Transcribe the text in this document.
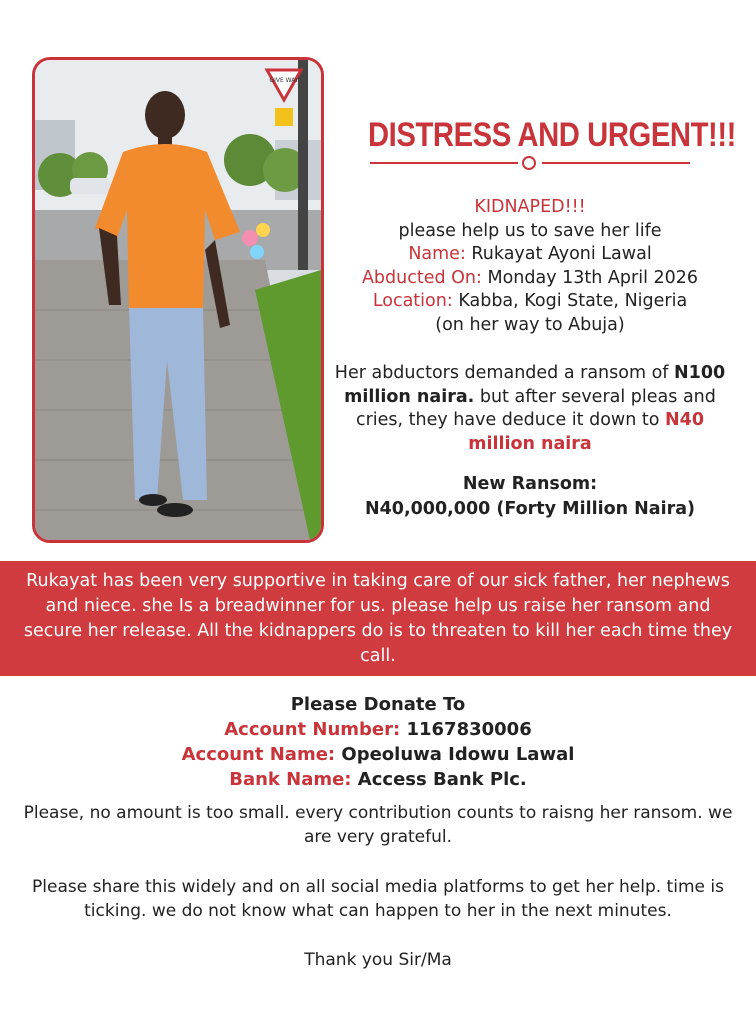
GIVE WAY
DISTRESS AND URGENT!!!
KIDNAPED!!!
please help us to save her life
Name: Rukayat Ayoni Lawal
Abducted On: Monday 13th April 2026
Location: Kabba, Kogi State, Nigeria
(on her way to Abuja)
Her abductors demanded a ransom of N100 million naira. but after several pleas and cries, they have deduce it down to N40 million naira
New Ransom:
N40,000,000 (Forty Million Naira)
Rukayat has been very supportive in taking care of our sick father, her nephews and niece. she Is a breadwinner for us. please help us raise her ransom and secure her release. All the kidnappers do is to threaten to kill her each time they call.
Please Donate To
Account Number: 1167830006
Account Name: Opeoluwa Idowu Lawal
Bank Name: Access Bank Plc.
Please, no amount is too small. every contribution counts to raisng her ransom. we are very grateful.
Please share this widely and on all social media platforms to get her help. time is ticking. we do not know what can happen to her in the next minutes.
Thank you Sir/Ma
